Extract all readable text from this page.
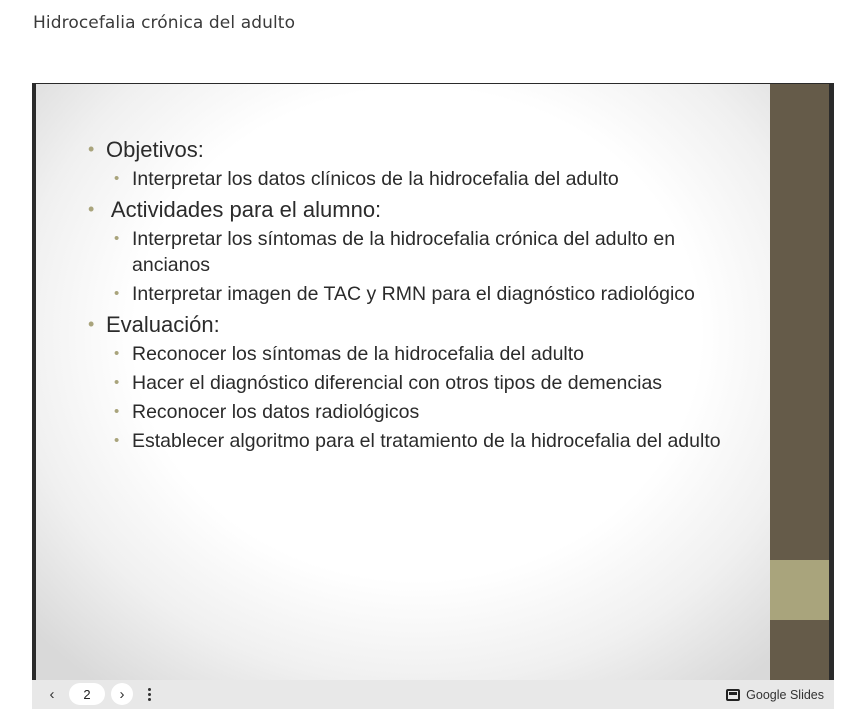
Hidrocefalia crónica del adulto
• Objetivos:
• Interpretar los datos clínicos de la hidrocefalia del adulto
•  Actividades para el alumno:
• Interpretar los síntomas de la hidrocefalia crónica del adulto en ancianos
• Interpretar imagen de TAC y RMN para el diagnóstico radiológico
• Evaluación:
• Reconocer los síntomas de la hidrocefalia del adulto
• Hacer el diagnóstico diferencial con otros tipos de demencias
• Reconocer los datos radiológicos
• Establecer algoritmo para el tratamiento de la hidrocefalia del adulto
‹	2	›	Google Slides
